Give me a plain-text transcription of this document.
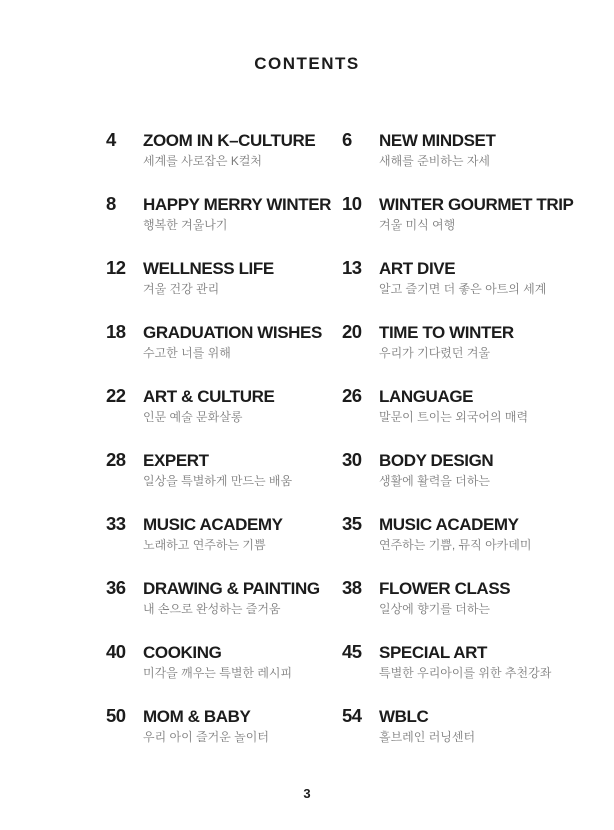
CONTENTS
4	ZOOM IN K–CULTURE
세계를 사로잡은 K컬처
6	NEW MINDSET
새해를 준비하는 자세
8	HAPPY MERRY WINTER
행복한 겨울나기
10	WINTER GOURMET TRIP
겨울 미식 여행
12	WELLNESS LIFE
겨울 건강 관리
13	ART DIVE
알고 즐기면 더 좋은 아트의 세계
18	GRADUATION WISHES
수고한 너를 위해
20	TIME TO WINTER
우리가 기다렸던 겨울
22	ART & CULTURE
인문 예술 문화살롱
26	LANGUAGE
말문이 트이는 외국어의 매력
28	EXPERT
일상을 특별하게 만드는 배움
30	BODY DESIGN
생활에 활력을 더하는
33	MUSIC ACADEMY
노래하고 연주하는 기쁨
35	MUSIC ACADEMY
연주하는 기쁨, 뮤직 아카데미
36	DRAWING & PAINTING
내 손으로 완성하는 즐거움
38	FLOWER CLASS
일상에 향기를 더하는
40	COOKING
미각을 깨우는 특별한 레시피
45	SPECIAL ART
특별한 우리아이를 위한 추천강좌
50	MOM & BABY
우리 아이 즐거운 놀이터
54	WBLC
홀브레인 러닝센터
3
